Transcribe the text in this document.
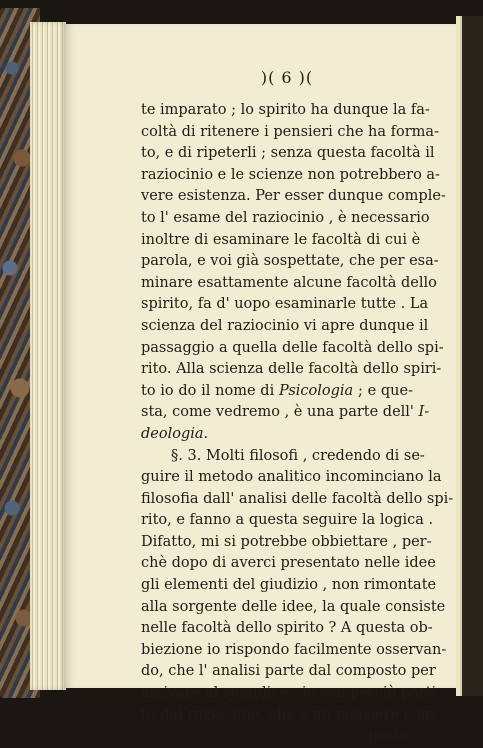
)( 6 )(
te imparato ; lo spirito ha dunque la fa-
coltà di ritenere i pensieri che ha forma-
to, e di ripeterli ; senza questa facoltà il
raziocinio e le scienze non potrebbero a-
vere esistenza. Per esser dunque comple-
to l' esame del raziocinio , è necessario
inoltre di esaminare le facoltà di cui è
parola, e voi già sospettate, che per esa-
minare esattamente alcune facoltà dello
spirito, fa d' uopo esaminarle tutte . La
scienza del raziocinio vi apre dunque il
passaggio a quella delle facoltà dello spi-
rito. Alla scienza delle facoltà dello spiri-
to io do il nome di Psicologia ; e que-
sta, come vedremo , è una parte dell' I-
deologia.
§. 3. Molti filosofi , credendo di se-
guire il metodo analitico incominciano la
filosofia dall' analisi delle facoltà dello spi-
rito, e fanno a questa seguire la logica .
Difatto, mi si potrebbe obbiettare , per-
chè dopo di averci presentato nelle idee
gli elementi del giudizio , non rimontate
alla sorgente delle idee, la quale consiste
nelle facoltà dello spirito ? A questa ob-
biezione io rispondo facilmente osservan-
do, che l' analisi parte dal composto per
arrivare al semplice , io son perciò parti-
to dal raziocinio, che è un pensiere com-
posto,
